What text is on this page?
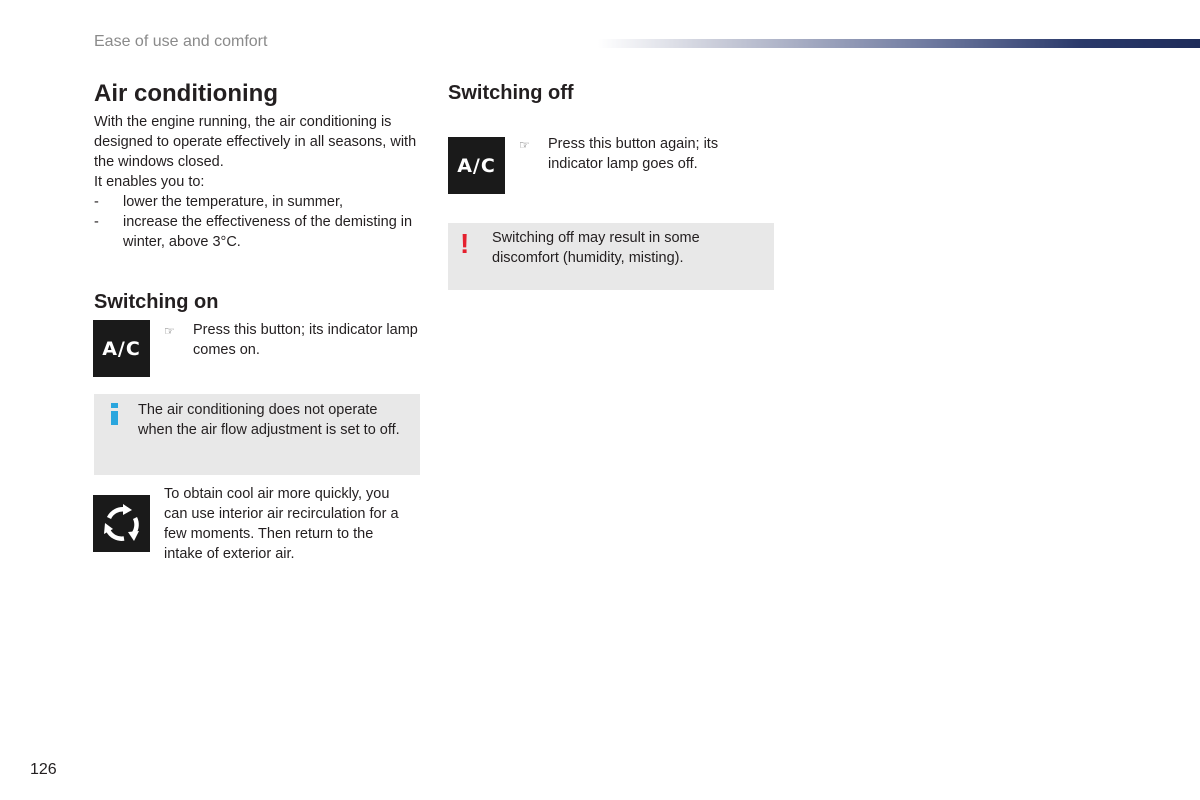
Ease of use and comfort
Air conditioning

With the engine running, the air conditioning is designed to operate effectively in all seasons, with the windows closed.

It enables you to:

- lower the temperature, in summer,
- increase the effectiveness of the demisting in winter, above 3°C.
Switching on
A/C
☞ Press this button; its indicator lamp comes on.
The air conditioning does not operate when the air flow adjustment is set to off.
To obtain cool air more quickly, you can use interior air recirculation for a few moments. Then return to the intake of exterior air.
Switching off
A/C
☞ Press this button again; its indicator lamp goes off.
! Switching off may result in some discomfort (humidity, misting).
126
